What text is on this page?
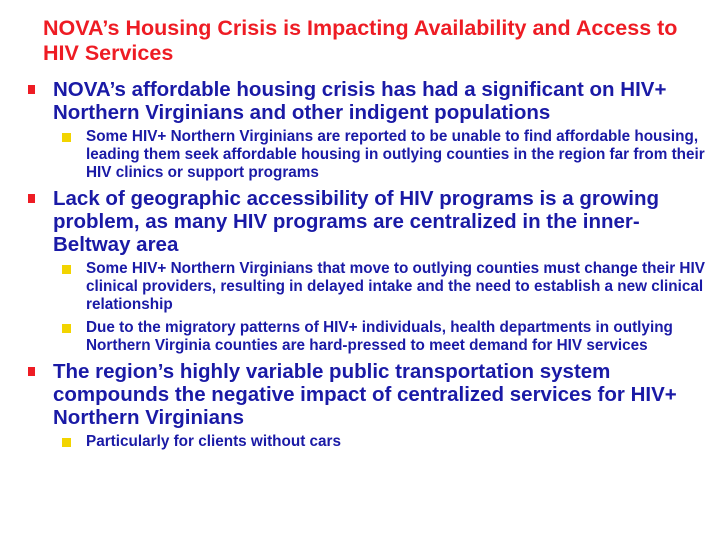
NOVA’s Housing Crisis is Impacting Availability and Access to HIV Services
NOVA’s affordable housing crisis has had a significant on HIV+ Northern Virginians and other indigent populations
Some HIV+ Northern Virginians are reported to be unable to find affordable housing, leading them seek affordable housing in outlying counties in the region far from their HIV clinics or support programs
Lack of geographic accessibility of HIV programs is a growing problem, as many HIV programs are centralized in the inner-Beltway area
Some HIV+ Northern Virginians that move to outlying counties must change their HIV clinical providers, resulting in delayed intake and the need to establish a new clinical relationship
Due to the migratory patterns of HIV+ individuals, health departments in outlying Northern Virginia counties are hard-pressed to meet demand for HIV services
The region’s highly variable public transportation system compounds the negative impact of centralized services for HIV+ Northern Virginians
Particularly for clients without cars
